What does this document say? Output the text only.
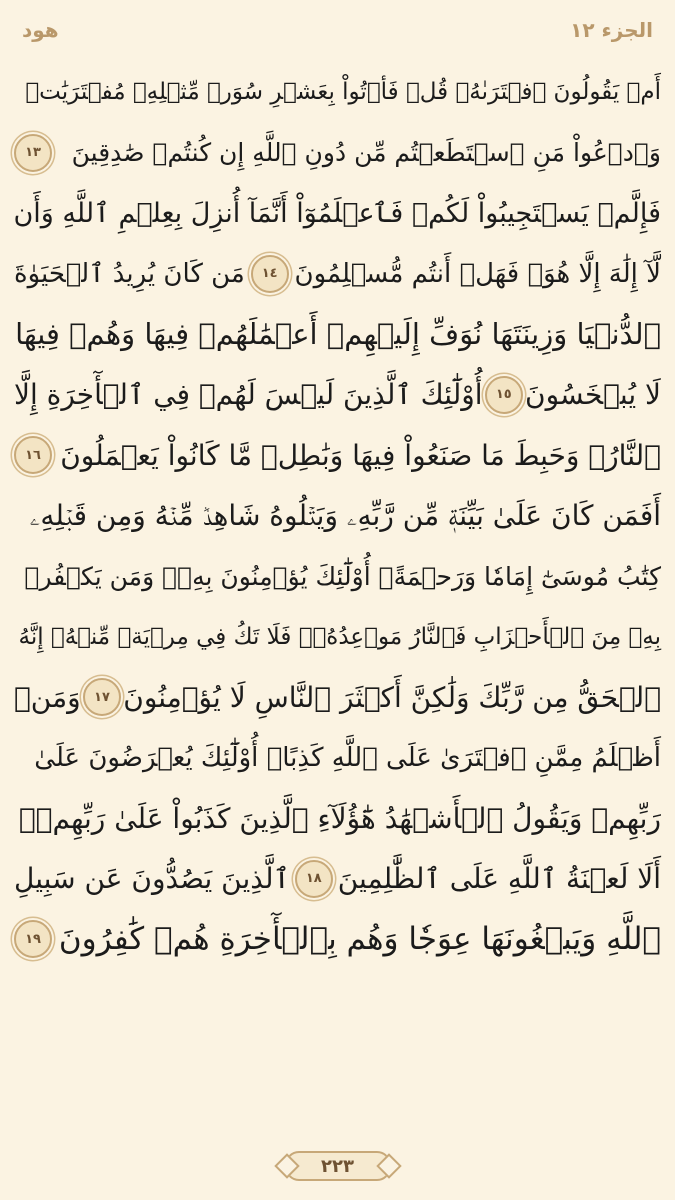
هود	الجزء ١٢
أَمۡ يَقُولُونَ ٱفۡتَرَىٰهُۖ قُلۡ فَأۡتُواْ بِعَشۡرِ سُوَرٖ مِّثۡلِهِۦ مُفۡتَرَيَٰتٖ
وَٱدۡعُواْ مَنِ ٱسۡتَطَعۡتُم مِّن دُونِ ٱللَّهِ إِن كُنتُمۡ صَٰدِقِينَ
١٣
فَإِلَّمۡ يَسۡتَجِيبُواْ لَكُمۡ فَٱعۡلَمُوٓاْ أَنَّمَآ أُنزِلَ بِعِلۡمِ ٱللَّهِ وَأَن
لَّآ إِلَٰهَ إِلَّا هُوَۖ فَهَلۡ أَنتُم مُّسۡلِمُونَ
١٤
مَن كَانَ يُرِيدُ ٱلۡحَيَوٰةَ
ٱلدُّنۡيَا وَزِينَتَهَا نُوَفِّ إِلَيۡهِمۡ أَعۡمَٰلَهُمۡ فِيهَا وَهُمۡ فِيهَا
لَا يُبۡخَسُونَ
١٥
أُوْلَٰٓئِكَ ٱلَّذِينَ لَيۡسَ لَهُمۡ فِي ٱلۡأٓخِرَةِ إِلَّا
ٱلنَّارُۖ وَحَبِطَ مَا صَنَعُواْ فِيهَا وَبَٰطِلٞ مَّا كَانُواْ يَعۡمَلُونَ
١٦
أَفَمَن كَانَ عَلَىٰ بَيِّنَةٖ مِّن رَّبِّهِۦ وَيَتۡلُوهُ شَاهِدٞ مِّنۡهُ وَمِن قَبۡلِهِۦ
كِتَٰبُ مُوسَىٰٓ إِمَامٗا وَرَحۡمَةًۚ أُوْلَٰٓئِكَ يُؤۡمِنُونَ بِهِۦۚ وَمَن يَكۡفُرۡ
بِهِۦ مِنَ ٱلۡأَحۡزَابِ فَٱلنَّارُ مَوۡعِدُهُۥۚ فَلَا تَكُ فِي مِرۡيَةٖ مِّنۡهُۚ إِنَّهُ
ٱلۡحَقُّ مِن رَّبِّكَ وَلَٰكِنَّ أَكۡثَرَ ٱلنَّاسِ لَا يُؤۡمِنُونَ
١٧
وَمَنۡ
أَظۡلَمُ مِمَّنِ ٱفۡتَرَىٰ عَلَى ٱللَّهِ كَذِبًاۚ أُوْلَٰٓئِكَ يُعۡرَضُونَ عَلَىٰ
رَبِّهِمۡ وَيَقُولُ ٱلۡأَشۡهَٰدُ هَٰٓؤُلَآءِ ٱلَّذِينَ كَذَبُواْ عَلَىٰ رَبِّهِمۡۚ
أَلَا لَعۡنَةُ ٱللَّهِ عَلَى ٱلظَّٰلِمِينَ
١٨
ٱلَّذِينَ يَصُدُّونَ عَن سَبِيلِ
ٱللَّهِ وَيَبۡغُونَهَا عِوَجٗا وَهُم بِٱلۡأٓخِرَةِ هُمۡ كَٰفِرُونَ
١٩
٢٢٣
